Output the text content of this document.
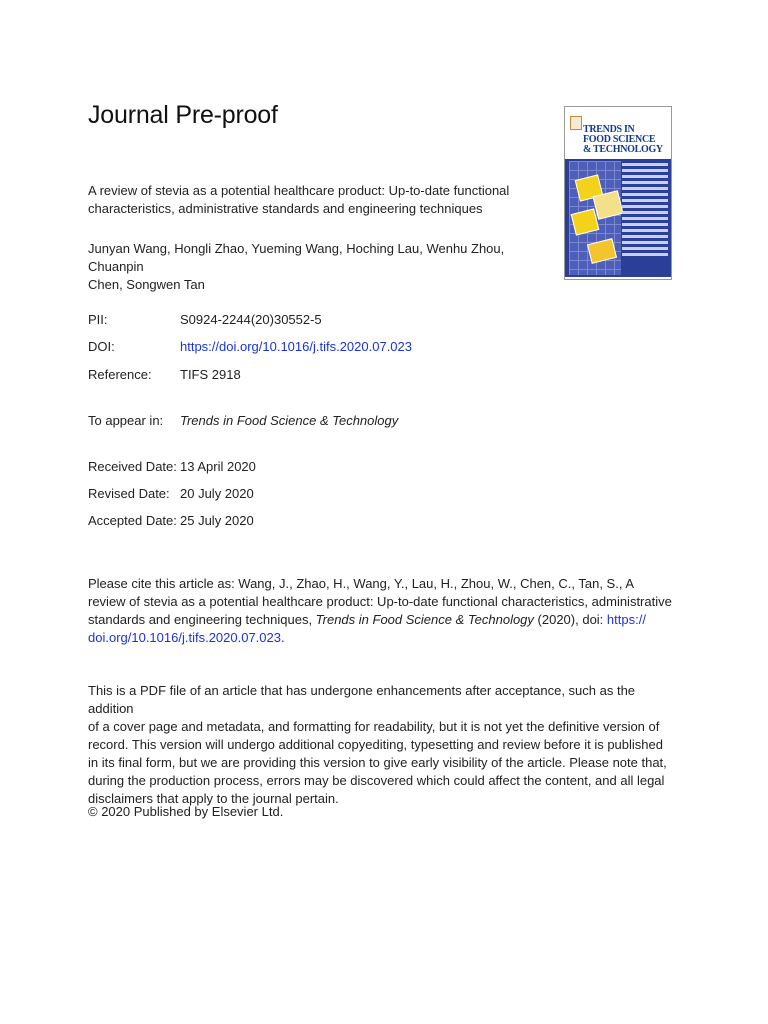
Journal Pre-proof
A review of stevia as a potential healthcare product: Up-to-date functional
characteristics, administrative standards and engineering techniques
Junyan Wang, Hongli Zhao, Yueming Wang, Hoching Lau, Wenhu Zhou, Chuanpin
Chen, Songwen Tan
PII:	S0924-2244(20)30552-5
DOI:	https://doi.org/10.1016/j.tifs.2020.07.023
Reference: TIFS 2918
To appear in: Trends in Food Science & Technology
Received Date: 13 April 2020
Revised Date: 20 July 2020
Accepted Date: 25 July 2020
Please cite this article as: Wang, J., Zhao, H., Wang, Y., Lau, H., Zhou, W., Chen, C., Tan, S., A
review of stevia as a potential healthcare product: Up-to-date functional characteristics, administrative
standards and engineering techniques, Trends in Food Science & Technology (2020), doi: https://
doi.org/10.1016/j.tifs.2020.07.023.
This is a PDF file of an article that has undergone enhancements after acceptance, such as the addition
of a cover page and metadata, and formatting for readability, but it is not yet the definitive version of
record. This version will undergo additional copyediting, typesetting and review before it is published
in its final form, but we are providing this version to give early visibility of the article. Please note that,
during the production process, errors may be discovered which could affect the content, and all legal
disclaimers that apply to the journal pertain.
© 2020 Published by Elsevier Ltd.
TRENDS IN
FOOD SCIENCE
& TECHNOLOGY
